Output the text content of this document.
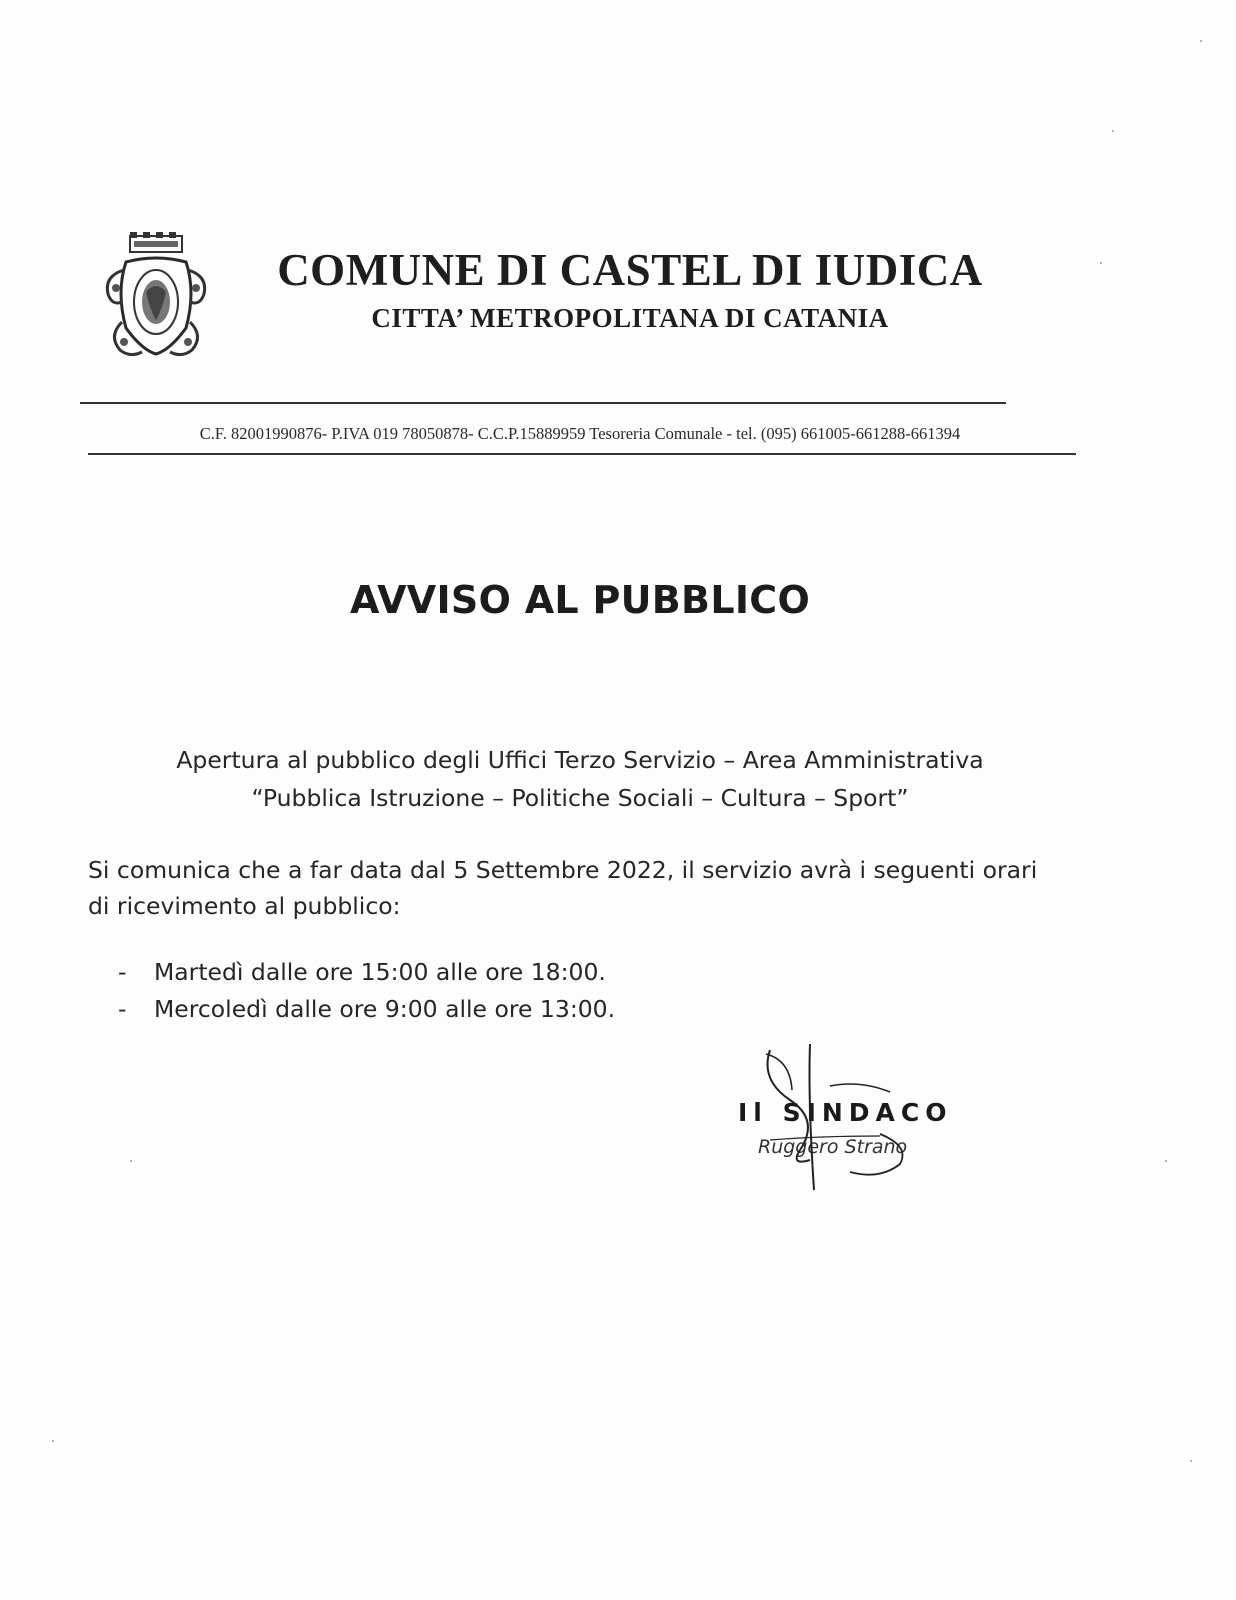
COMUNE DI CASTEL DI IUDICA
CITTA’ METROPOLITANA DI CATANIA
C.F. 82001990876- P.IVA 019 78050878- C.C.P.15889959 Tesoreria Comunale - tel. (095) 661005-661288-661394
AVVISO AL PUBBLICO
Apertura al pubblico degli Uffici Terzo Servizio – Area Amministrativa
“Pubblica Istruzione – Politiche Sociali – Cultura – Sport”
Si comunica che a far data dal 5 Settembre 2022, il servizio avrà i seguenti orari
di ricevimento al pubblico:
- Martedì dalle ore 15:00 alle ore 18:00.
- Mercoledì dalle ore 9:00 alle ore 13:00.
Il SINDACO
Ruggero Strano
